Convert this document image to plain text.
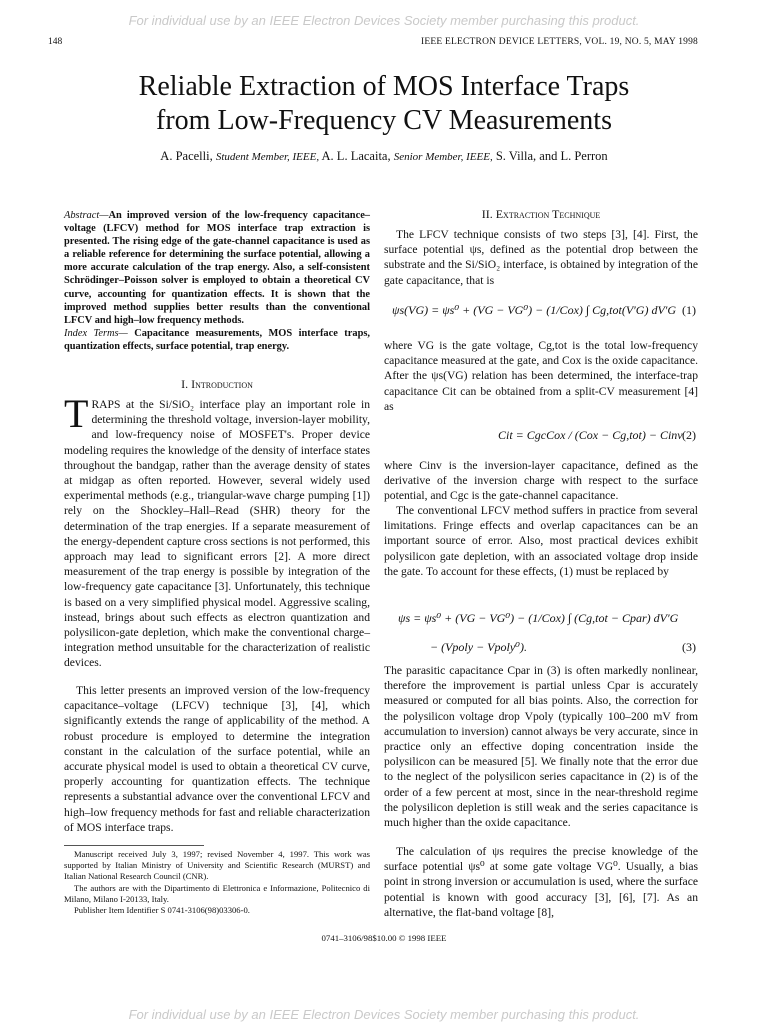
For individual use by an IEEE Electron Devices Society member purchasing this product.
148	IEEE ELECTRON DEVICE LETTERS, VOL. 19, NO. 5, MAY 1998
Reliable Extraction of MOS Interface Traps
from Low-Frequency CV Measurements
A. Pacelli, Student Member, IEEE, A. L. Lacaita, Senior Member, IEEE, S. Villa, and L. Perron
Abstract—An improved version of the low-frequency capacitance–voltage (LFCV) method for MOS interface trap extraction is presented. The rising edge of the gate-channel capacitance is used as a reliable reference for determining the surface potential, allowing a more accurate calculation of the trap energy. Also, a self-consistent Schrödinger–Poisson solver is employed to obtain a theoretical CV curve, accounting for quantization effects. It is shown that the improved method supplies better results than the conventional LFCV and high–low frequency methods.
Index Terms— Capacitance measurements, MOS interface traps, quantization effects, surface potential, trap energy.
I. Introduction
TRAPS at the Si/SiO₂ interface play an important role in determining the threshold voltage, inversion-layer mobility, and low-frequency noise of MOSFET's. Proper device modeling requires the knowledge of the density of interface states throughout the bandgap, rather than the average density of states at midgap as often reported. However, several widely used experimental methods (e.g., triangular-wave charge pumping [1]) rely on the Shockley–Hall–Read (SHR) theory for the determination of the trap energies. If a separate measurement of the energy-dependent capture cross sections is not performed, this approach may lead to significant errors [2]. A more direct measurement of the trap energy is possible by integration of the low-frequency gate capacitance [3]. Unfortunately, this technique is based on a very simplified physical model. Aggressive scaling, instead, brings about such effects as electron quantization and polysilicon-gate depletion, which make the conventional charge–integration method unsuitable for the characterization of realistic devices.
This letter presents an improved version of the low-frequency capacitance–voltage (LFCV) technique [3], [4], which significantly extends the range of applicability of the method. A robust procedure is employed to determine the integration constant in the calculation of the surface potential, while an accurate physical model is used to obtain a theoretical CV curve, properly accounting for quantization effects. The technique represents a substantial advance over the conventional LFCV and high–low frequency methods for fast and reliable characterization of MOS interface traps.

Manuscript received July 3, 1997; revised November 4, 1997. This work was supported by Italian Ministry of University and Scientific Research (MURST) and Italian National Research Council (CNR).

The authors are with the Dipartimento di Elettronica e Informazione, Politecnico di Milano, Milano I-20133, Italy.

Publisher Item Identifier S 0741-3106(98)03306-0.

II. Extraction Technique
The LFCV technique consists of two steps [3], [4]. First, the surface potential ψs, defined as the potential drop between the substrate and the Si/SiO₂ interface, is obtained by integration of the gate capacitance, that is
ψs(VG) = ψs⁰ + (VG − VG⁰) − (1/Cox) ∫ Cg,tot(V′G) dV′G (1)
where VG is the gate voltage, Cg,tot is the total low-frequency capacitance measured at the gate, and Cox is the oxide capacitance. After the ψs(VG) relation has been determined, the interface-trap capacitance Cit can be obtained from a split-CV measurement [4] as
Cit = CgcCox / (Cox − Cg,tot) − Cinv (2)
where Cinv is the inversion-layer capacitance, defined as the derivative of the inversion charge with respect to the surface potential, and Cgc is the gate-channel capacitance.
The conventional LFCV method suffers in practice from several limitations. Fringe effects and overlap capacitances can be an important source of error. Also, most practical devices exhibit polysilicon gate depletion, with an associated voltage drop inside the gate. To account for these effects, (1) must be replaced by
ψs = ψs⁰ + (VG − VG⁰) − (1/Cox) ∫ (Cg,tot − Cpar) dV′G
− (Vpoly − Vpoly⁰).	(3)
The parasitic capacitance Cpar in (3) is often markedly nonlinear, therefore the improvement is partial unless Cpar is accurately measured or computed for all bias points. Also, the correction for the polysilicon voltage drop Vpoly (typically 100–200 mV from accumulation to inversion) cannot always be very accurate, since in practice only an effective doping concentration inside the polysilicon can be measured [5]. We finally note that the error due to the neglect of the polysilicon series capacitance in (2) is of the order of a few percent at most, since in the near-threshold regime the polysilicon depletion is still weak and the series capacitance is much higher than the oxide capacitance.
The calculation of ψs requires the precise knowledge of the surface potential ψs⁰ at some gate voltage VG⁰. Usually, a bias point in strong inversion or accumulation is used, where the surface potential is known with good accuracy [3], [6], [7]. As an alternative, the flat-band voltage [8],
0741–3106/98$10.00 © 1998 IEEE
For individual use by an IEEE Electron Devices Society member purchasing this product.
